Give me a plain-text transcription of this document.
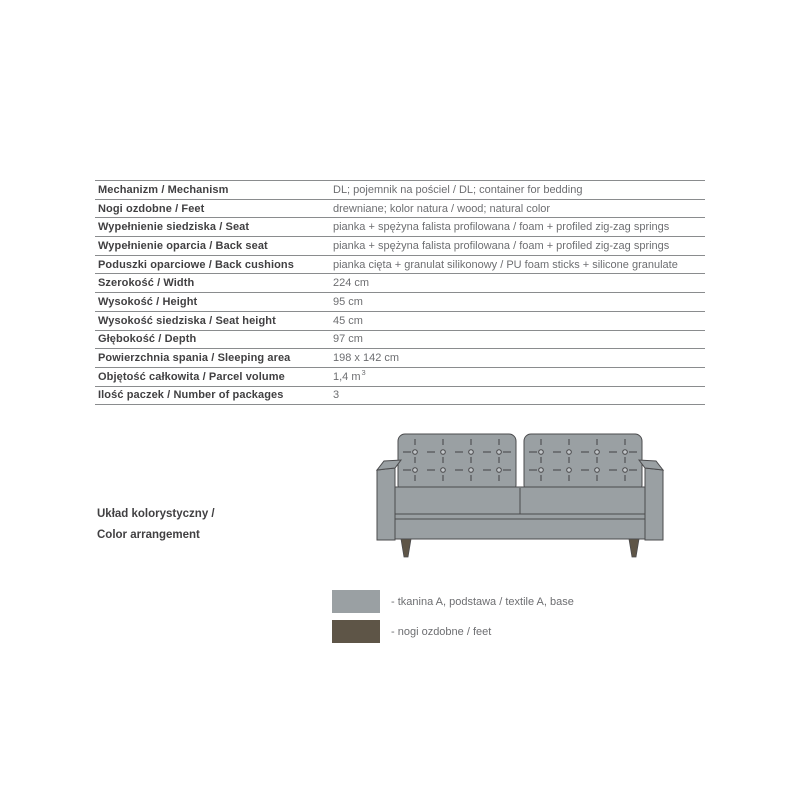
Mechanizm / Mechanism	DL; pojemnik na pościel / DL; container for bedding
Nogi ozdobne / Feet	drewniane; kolor natura / wood; natural color
Wypełnienie siedziska / Seat	pianka + spężyna falista profilowana / foam + profiled zig-zag springs
Wypełnienie oparcia / Back seat	pianka + spężyna falista profilowana / foam + profiled zig-zag springs
Poduszki oparciowe / Back cushions	pianka cięta + granulat silikonowy / PU foam sticks + silicone granulate
Szerokość / Width	224 cm
Wysokość / Height	95 cm
Wysokość siedziska / Seat height	45 cm
Głębokość / Depth	97 cm
Powierzchnia spania / Sleeping area	198 x 142 cm
Objętość całkowita / Parcel volume	1,4 m 3
Ilość paczek / Number of packages	3
Układ kolorystyczny /
Color arrangement
- tkanina A, podstawa / textile A, base
- nogi ozdobne / feet
